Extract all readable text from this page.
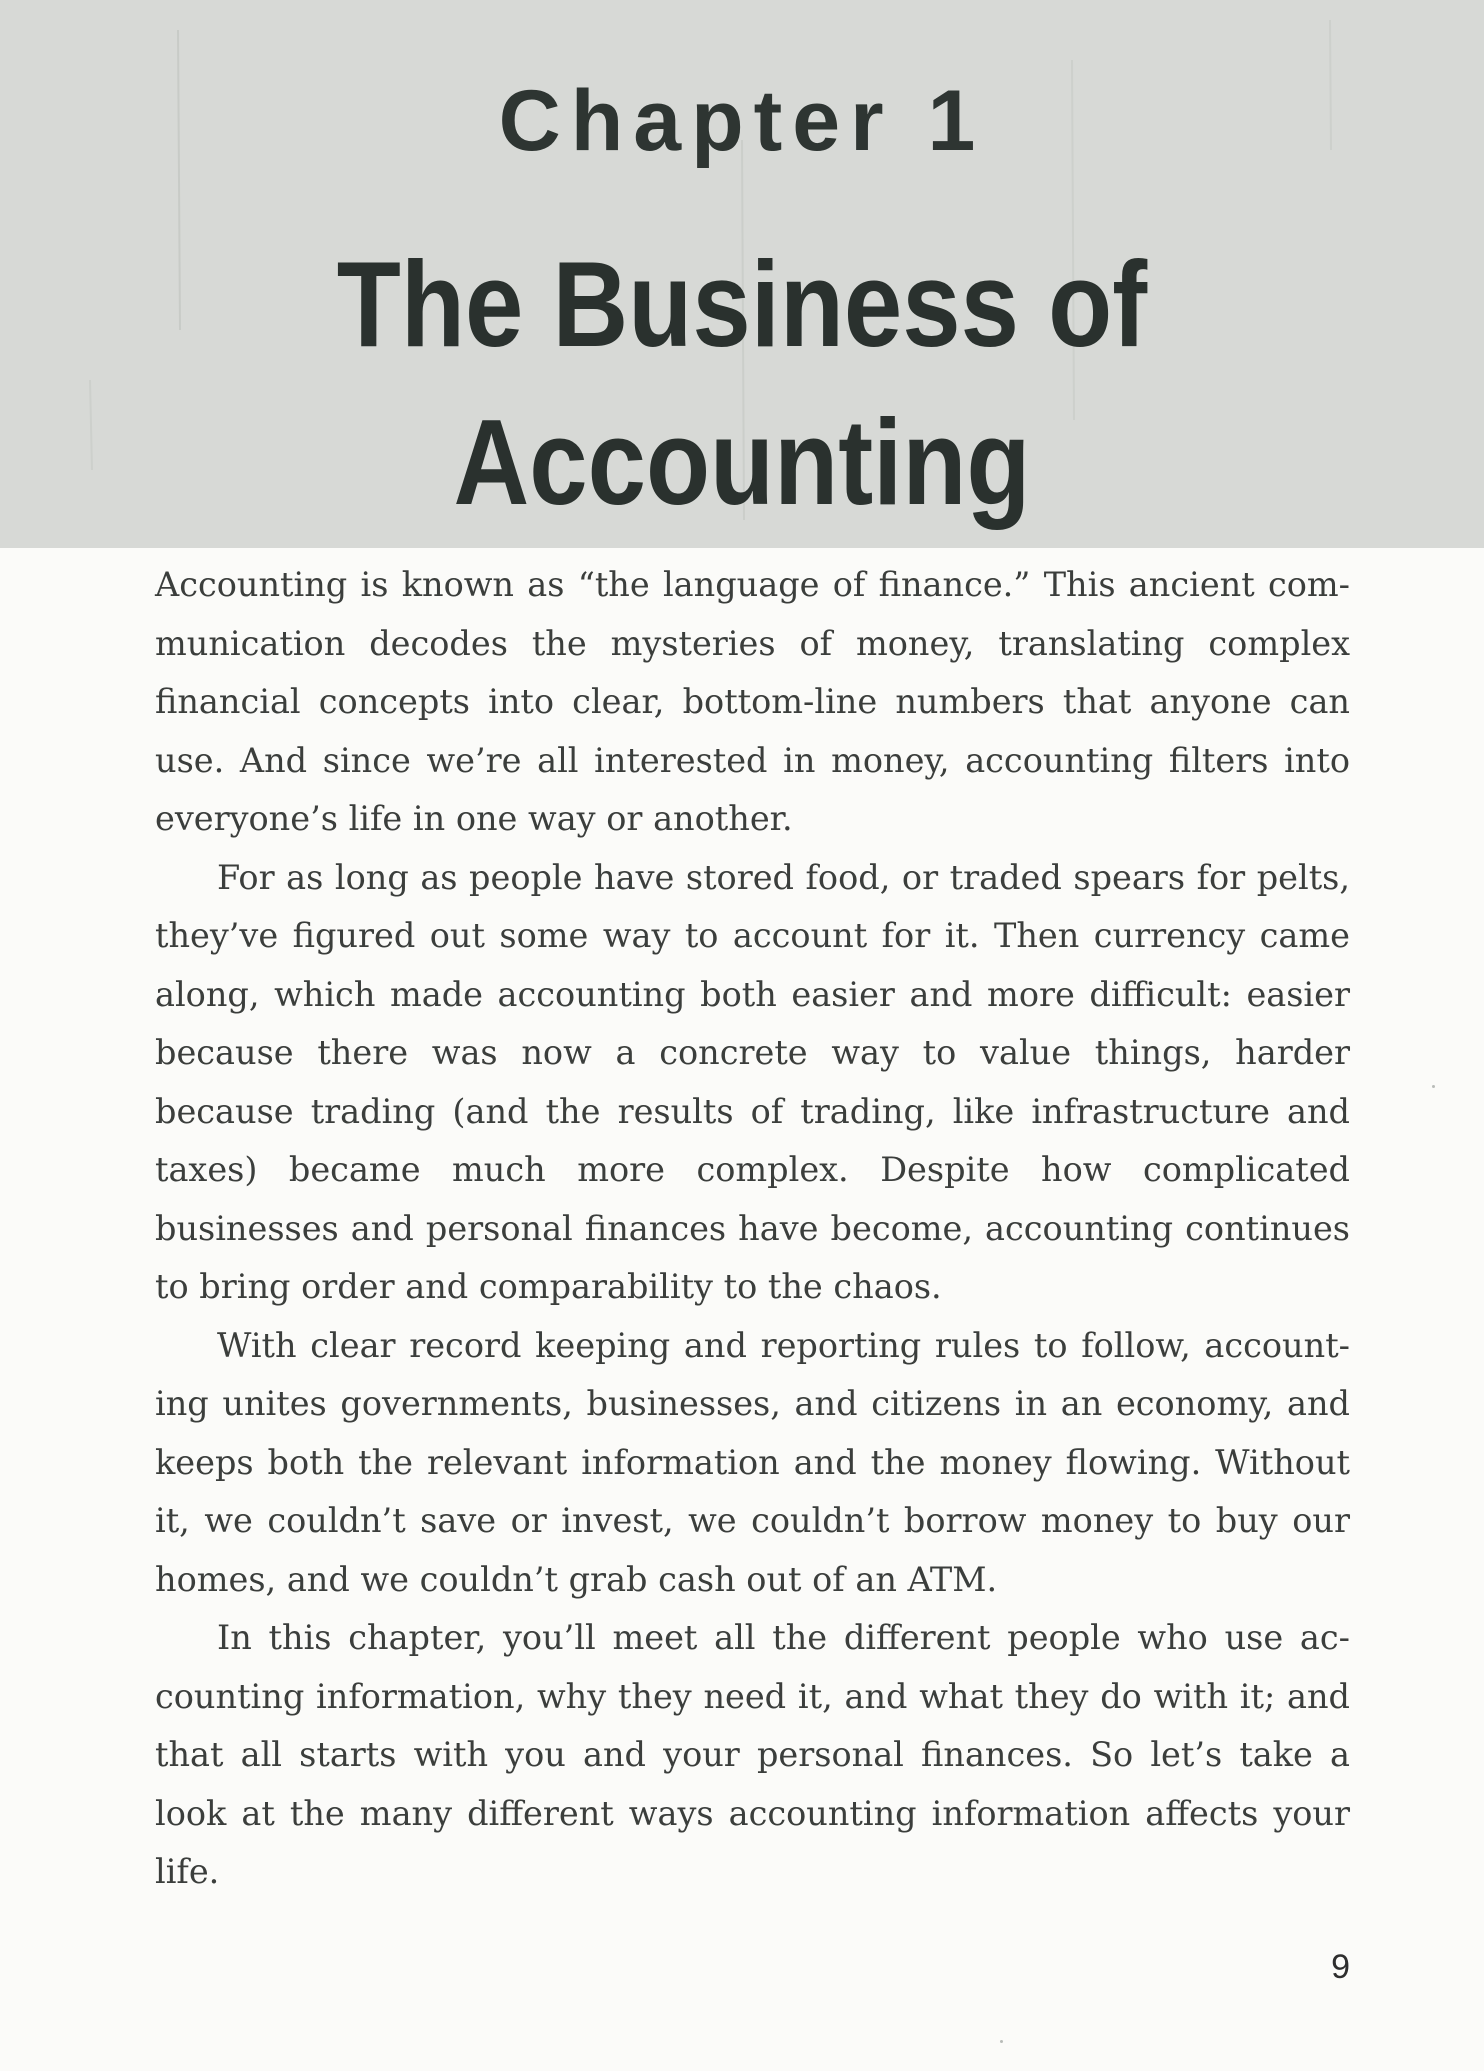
Chapter 1
The Business of
Accounting

Accounting is known as “the language of finance.” This ancient communication decodes the mysteries of money, translating complex financial concepts into clear, bottom-line numbers that anyone can use. And since we’re all interested in money, accounting filters into everyone’s life in one way or another.

For as long as people have stored food, or traded spears for pelts, they’ve figured out some way to account for it. Then currency came along, which made accounting both easier and more difficult: easier because there was now a concrete way to value things, harder because trading (and the results of trading, like infrastructure and taxes) became much more complex. Despite how complicated businesses and personal finances have become, accounting continues to bring order and comparability to the chaos.

With clear record keeping and reporting rules to follow, accounting unites governments, businesses, and citizens in an economy, and keeps both the relevant information and the money flowing. Without it, we couldn’t save or invest, we couldn’t borrow money to buy our homes, and we couldn’t grab cash out of an ATM.

In this chapter, you’ll meet all the different people who use accounting information, why they need it, and what they do with it; and that all starts with you and your personal finances. So let’s take a look at the many different ways accounting information affects your life.

9
